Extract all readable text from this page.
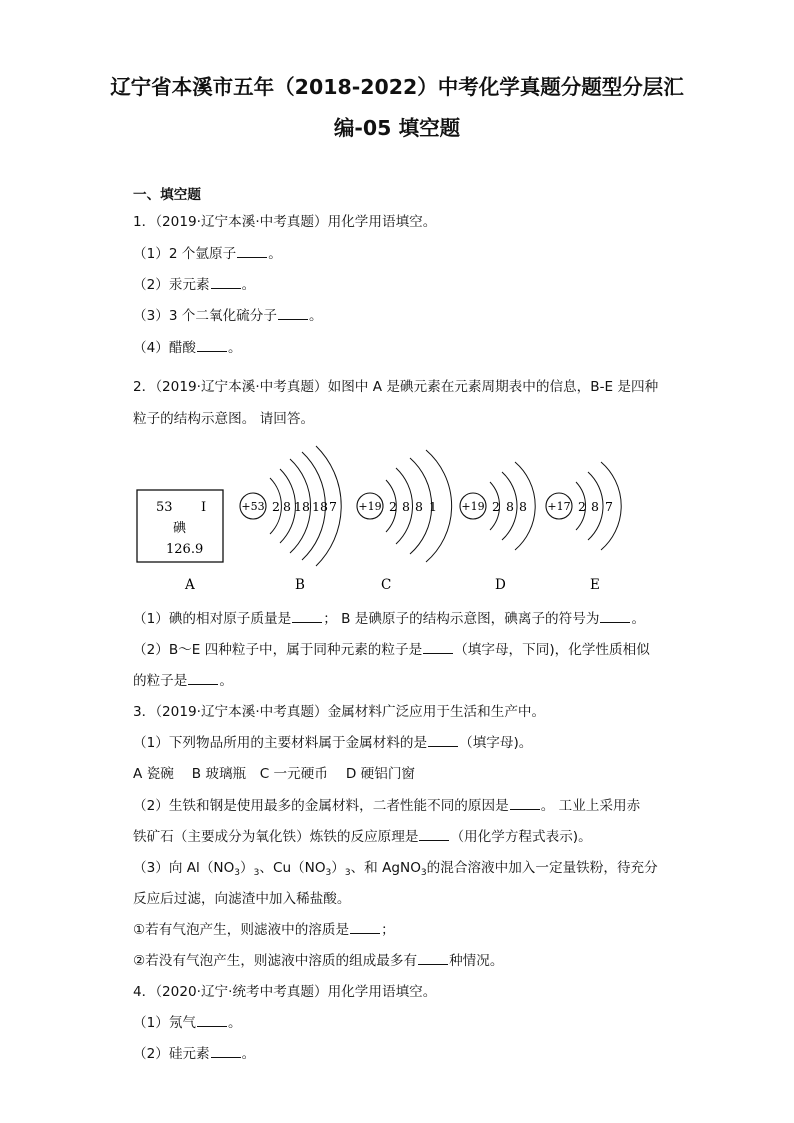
辽宁省本溪市五年（2018-2022）中考化学真题分题型分层汇
编-05 填空题
一、填空题
1．（2019·辽宁本溪·中考真题）用化学用语填空。
（1）2 个氩原子 。
（2）汞元素 。
（3）3 个二氧化硫分子 。
（4）醋酸 。
2．（2019·辽宁本溪·中考真题）如图中 A 是碘元素在元素周期表中的信息，B-E 是四种
粒子的结构示意图。 请回答。
53 I
碘
126.9
A
+53 2 8 18 18 7
B
+19 2 8 8 1
C
+19 2 8 8
D
+17 2 8 7
E
（1）碘的相对原子质量是 ； B 是碘原子的结构示意图，碘离子的符号为 。
（2）B～E 四种粒子中，属于同种元素的粒子是 （填字母，下同)，化学性质相似
的粒子是 。
3．（2019·辽宁本溪·中考真题）金属材料广泛应用于生活和生产中。
（1）下列物品所用的主要材料属于金属材料的是 （填字母)。
A 瓷碗　 B 玻璃瓶　C 一元硬币　 D 硬铝门窗
（2）生铁和钢是使用最多的金属材料，二者性能不同的原因是 。 工业上采用赤
铁矿石（主要成分为氧化铁）炼铁的反应原理是 （用化学方程式表示)。
（3）向 $Al(NO_3)_3$、$Cu(NO_3)_3$、和 AgNO$_3$的混合溶液中加入一定量铁粉，待充分
反应后过滤，向滤渣中加入稀盐酸。
①若有气泡产生，则滤液中的溶质是 ；
②若没有气泡产生，则滤液中溶质的组成最多有 种情况。
4．（2020·辽宁·统考中考真题）用化学用语填空。
（1）氖气 。
（2）硅元素 。
